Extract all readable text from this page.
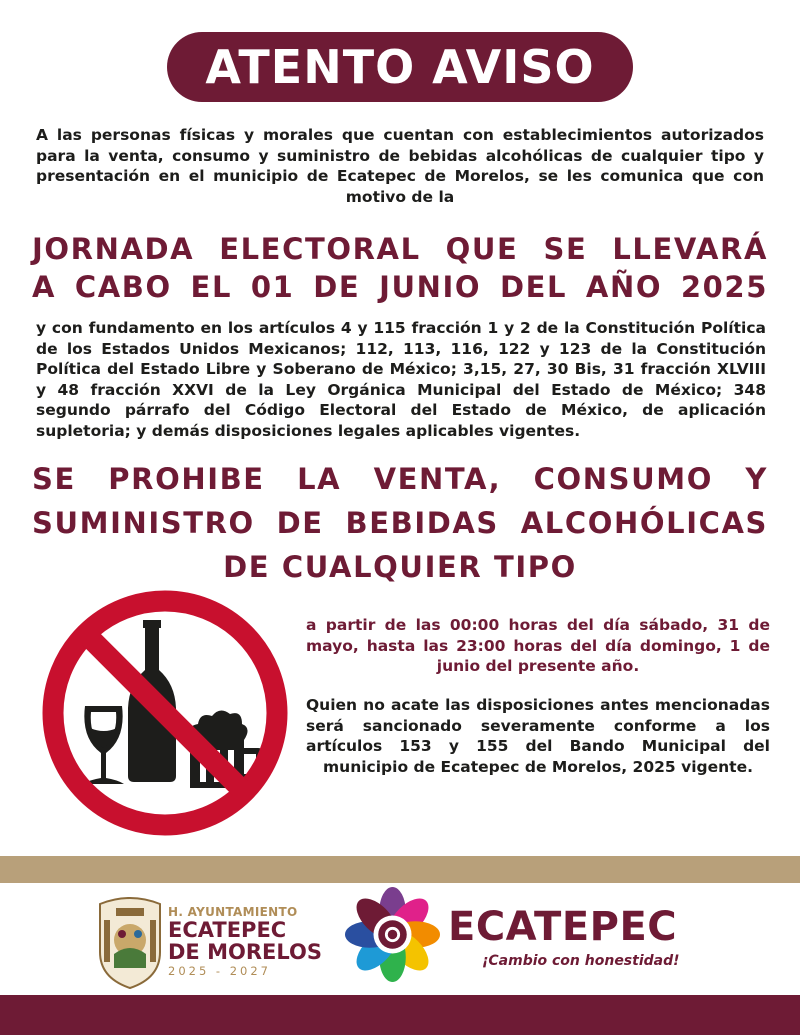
ATENTO AVISO
A las personas físicas y morales que cuentan con establecimientos autorizados para la venta, consumo y suministro de bebidas alcohólicas de cualquier tipo y presentación en el municipio de Ecatepec de Morelos, se les comunica que con motivo de la
JORNADA ELECTORAL QUE SE LLEVARÁ
A CABO EL 01 DE JUNIO DEL AÑO 2025
y con fundamento en los artículos 4 y 115 fracción 1 y 2 de la Constitución Política de los Estados Unidos Mexicanos; 112, 113, 116, 122 y 123 de la Constitución Política del Estado Libre y Soberano de México; 3,15, 27, 30 Bis, 31 fracción XLVIII y 48 fracción XXVI de la Ley Orgánica Municipal del Estado de México; 348 segundo párrafo del Código Electoral del Estado de México, de aplicación supletoria; y demás disposiciones legales aplicables vigentes.
SE PROHIBE LA VENTA, CONSUMO Y
SUMINISTRO DE BEBIDAS ALCOHÓLICAS
DE CUALQUIER TIPO
a partir de las 00:00 horas del día sábado, 31 de mayo, hasta las 23:00 horas del día domingo, 1 de junio del presente año.
Quien no acate las disposiciones antes mencionadas será sancionado severamente conforme a los artículos 153 y 155 del Bando Municipal del municipio de Ecatepec de Morelos, 2025 vigente.
H. AYUNTAMIENTO
ECATEPEC
DE MORELOS
2025 - 2027
ECATEPEC
¡Cambio con honestidad!
